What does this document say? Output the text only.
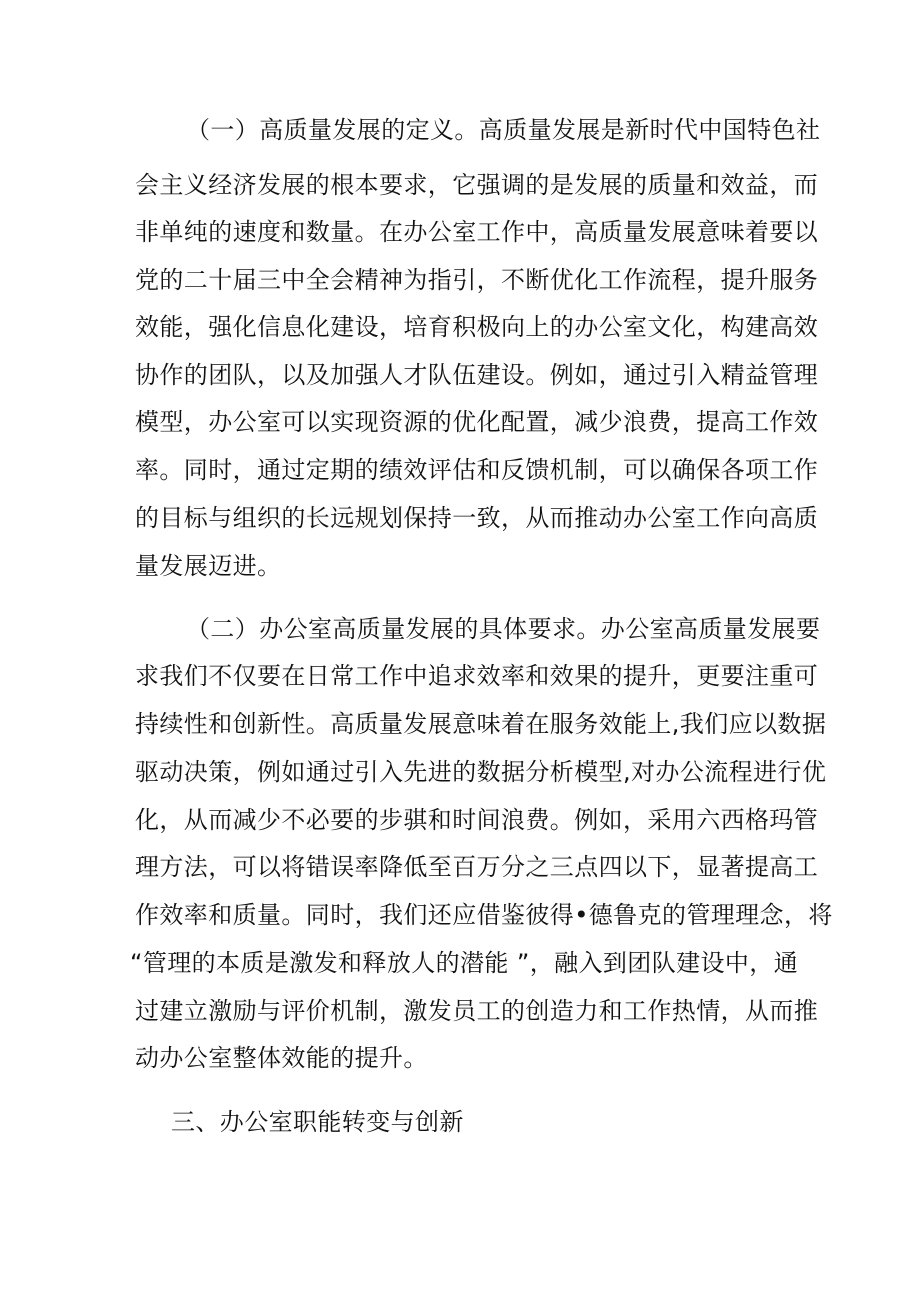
（一）高质量发展的定义。高质量发展是新时代中国特色社
会主义经济发展的根本要求，它强调的是发展的质量和效益，而
非单纯的速度和数量。在办公室工作中，高质量发展意味着要以
党的二十届三中全会精神为指引，不断优化工作流程，提升服务
效能，强化信息化建设，培育积极向上的办公室文化，构建高效
协作的团队，以及加强人才队伍建设。例如，通过引入精益管理
模型，办公室可以实现资源的优化配置，减少浪费，提高工作效
率。同时，通过定期的绩效评估和反馈机制，可以确保各项工作
的目标与组织的长远规划保持一致，从而推动办公室工作向高质
量发展迈进。
（二）办公室高质量发展的具体要求。办公室高质量发展要
求我们不仅要在日常工作中追求效率和效果的提升，更要注重可
持续性和创新性。高质量发展意味着在服务效能上,我们应以数据
驱动决策，例如通过引入先进的数据分析模型,对办公流程进行优
化，从而减少不必要的步骐和时间浪费。例如，采用六西格玛管
理方法，可以将错误率降低至百万分之三点四以下，显著提高工
作效率和质量。同时，我们还应借鉴彼得•德鲁克的管理理念，将
“管理的本质是激发和释放人的潜能 ”，融入到团队建设中，通
过建立激励与评价机制，激发员工的创造力和工作热情，从而推
动办公室整体效能的提升。
三、办公室职能转变与创新
